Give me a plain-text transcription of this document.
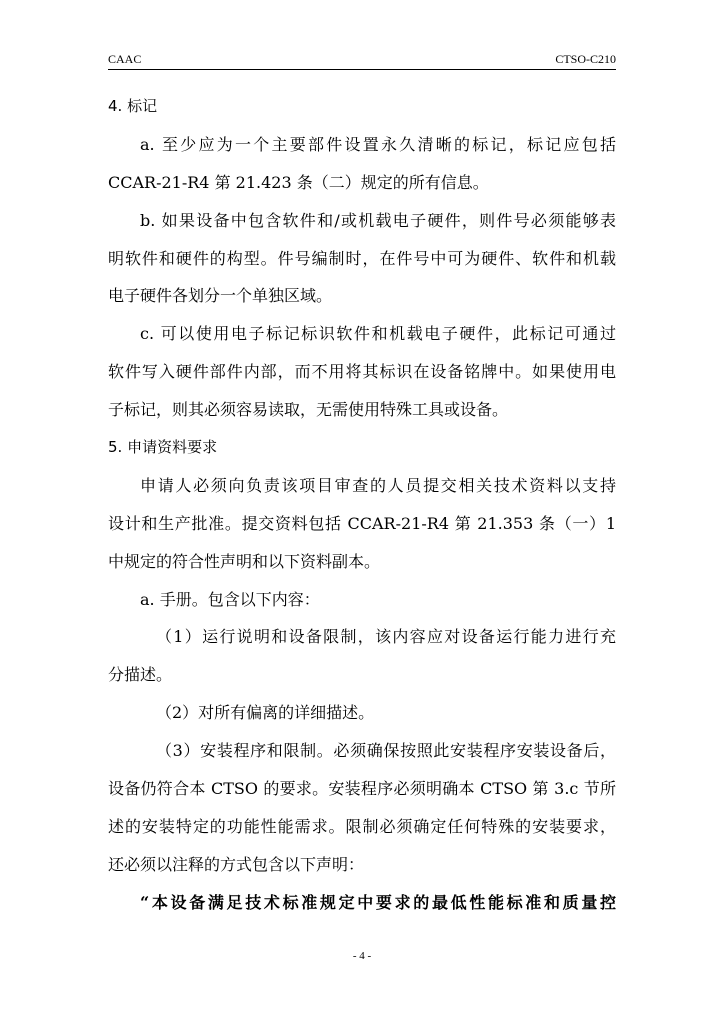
CAAC	CTSO-C210
4. 标记
a. 至少应为一个主要部件设置永久清晰的标记，标记应包括
CCAR-21-R4 第 21.423 条（二）规定的所有信息。
b. 如果设备中包含软件和/或机载电子硬件，则件号必须能够表
明软件和硬件的构型。件号编制时，在件号中可为硬件、软件和机载
电子硬件各划分一个单独区域。
c. 可以使用电子标记标识软件和机载电子硬件，此标记可通过
软件写入硬件部件内部，而不用将其标识在设备铭牌中。如果使用电
子标记，则其必须容易读取，无需使用特殊工具或设备。
5. 申请资料要求
申请人必须向负责该项目审查的人员提交相关技术资料以支持
设计和生产批准。提交资料包括 CCAR-21-R4 第 21.353 条（一）1
中规定的符合性声明和以下资料副本。
a. 手册。包含以下内容：
（1）运行说明和设备限制，该内容应对设备运行能力进行充
分描述。
（2）对所有偏离的详细描述。
（3）安装程序和限制。必须确保按照此安装程序安装设备后，
设备仍符合本 CTSO 的要求。安装程序必须明确本 CTSO 第 3.c 节所
述的安装特定的功能性能需求。限制必须确定任何特殊的安装要求，
还必须以注释的方式包含以下声明：
“本设备满足技术标准规定中要求的最低性能标准和质量控
- 4 -
